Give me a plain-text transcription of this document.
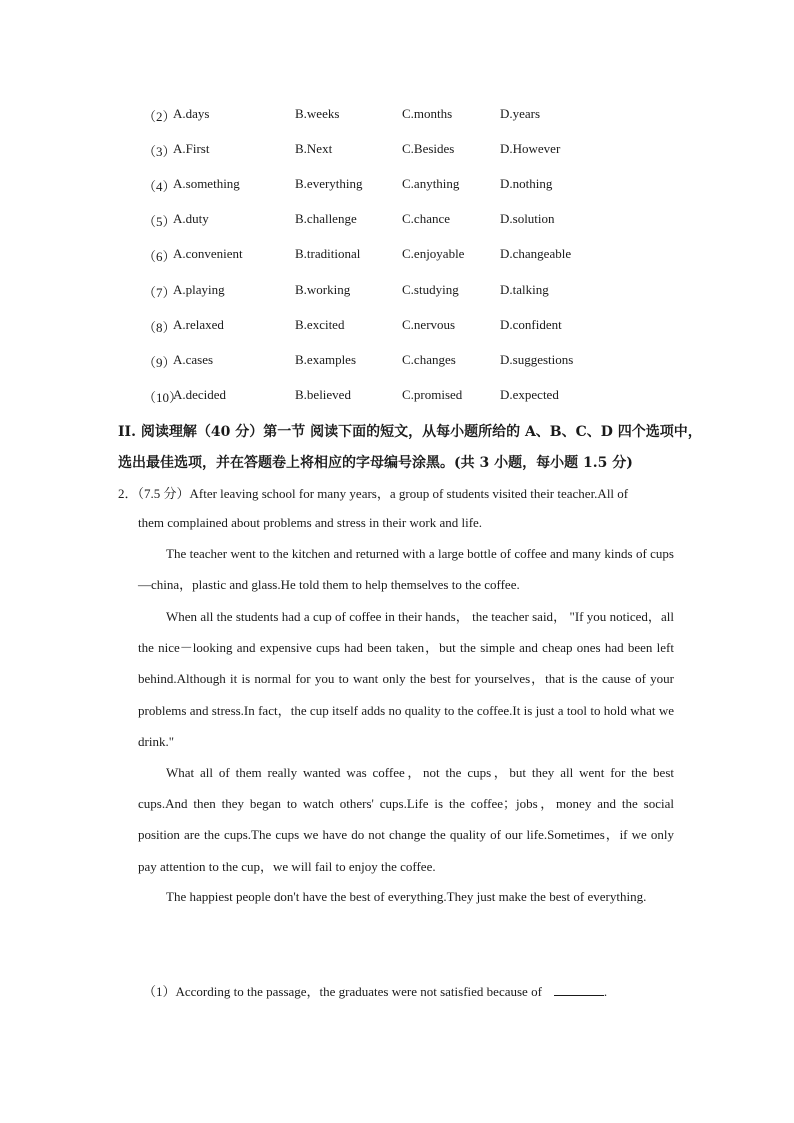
（2）
A.days	B.weeks	C.months	D.years
（3）
A.First	B.Next	C.Besides	D.However
（4）
A.something	B.everything	C.anything	D.nothing
（5）
A.duty	B.challenge	C.chance	D.solution
（6）
A.convenient	B.traditional	C.enjoyable	D.changeable
（7）
A.playing	B.working	C.studying	D.talking
（8）
A.relaxed	B.excited	C.nervous	D.confident
（9）
A.cases	B.examples	C.changes	D.suggestions
（10）
A.decided	B.believed	C.promised	D.expected
II. 阅读理解（40 分）第一节 阅读下面的短文，从每小题所给的 A、B、C、D 四个选项中，
选出最佳选项，并在答题卷上将相应的字母编号涂黑。(共 3 小题，每小题 1.5 分)
2．（7.5 分）After leaving school for many years，a group of students visited their teacher.All of

them complained about problems and stress in their work and life.

The teacher went to the kitchen and returned with a large bottle of coffee and many kinds of cups—china，plastic and glass.He told them to help themselves to the coffee.

When all the students had a cup of coffee in their hands， the teacher said， "If you noticed，all the nice－looking and expensive cups had been taken，but the simple and cheap ones had been left behind.Although it is normal for you to want only the best for yourselves，that is the cause of your problems and stress.In fact，the cup itself adds no quality to the coffee.It is just a tool to hold what we drink."

What all of them really wanted was coffee，not the cups，but they all went for the best cups.And then they began to watch others' cups.Life is the coffee；jobs，money and the social position are the cups.The cups we have do not change the quality of our life.Sometimes，if we only pay attention to the cup，we will fail to enjoy the coffee.

The happiest people don't have the best of everything.They just make the best of everything.

（1）According to the passage，the graduates were not satisfied because of	.
